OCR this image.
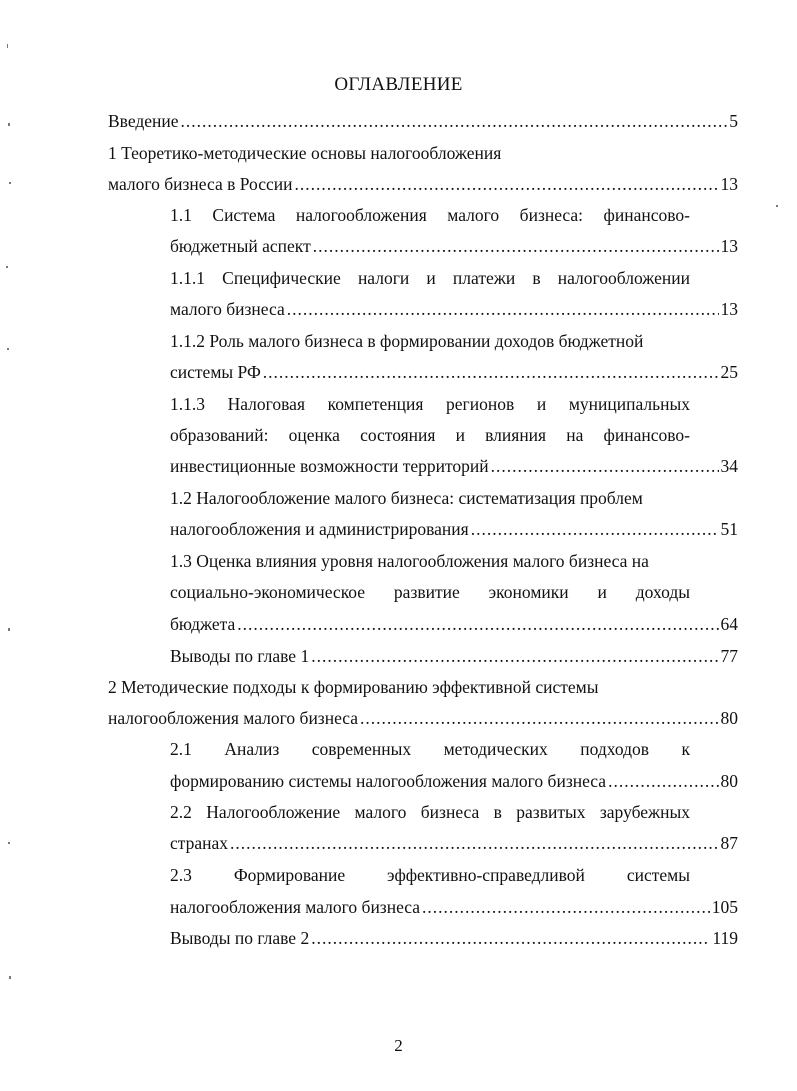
ОГЛАВЛЕНИЕ
Введение .....	5
1 Теоретико-методические основы налогообложения
малого бизнеса в России .....	13
1.1 Система налогообложения малого бизнеса: финансово-
бюджетный аспект .....	13
1.1.1 Специфические налоги и платежи в налогообложении
малого бизнеса .....	13
1.1.2 Роль малого бизнеса в формировании доходов бюджетной
системы РФ .....	25
1.1.3 Налоговая компетенция регионов и муниципальных
образований: оценка состояния и влияния на финансово-
инвестиционные возможности территорий .....	34
1.2 Налогообложение малого бизнеса: систематизация проблем
налогообложения и администрирования .....	51
1.3 Оценка влияния уровня налогообложения малого бизнеса на
социально-экономическое развитие экономики и доходы
бюджета .....	64
Выводы по главе 1 .....	77
2 Методические подходы к формированию эффективной системы
налогообложения малого бизнеса .....	80
2.1 Анализ современных методических подходов к
формированию системы налогообложения малого бизнеса .....	80
2.2 Налогообложение малого бизнеса в развитых зарубежных
странах .....	87
2.3 Формирование эффективно-справедливой системы
налогообложения малого бизнеса .....	105
Выводы по главе 2 .....	119
2
